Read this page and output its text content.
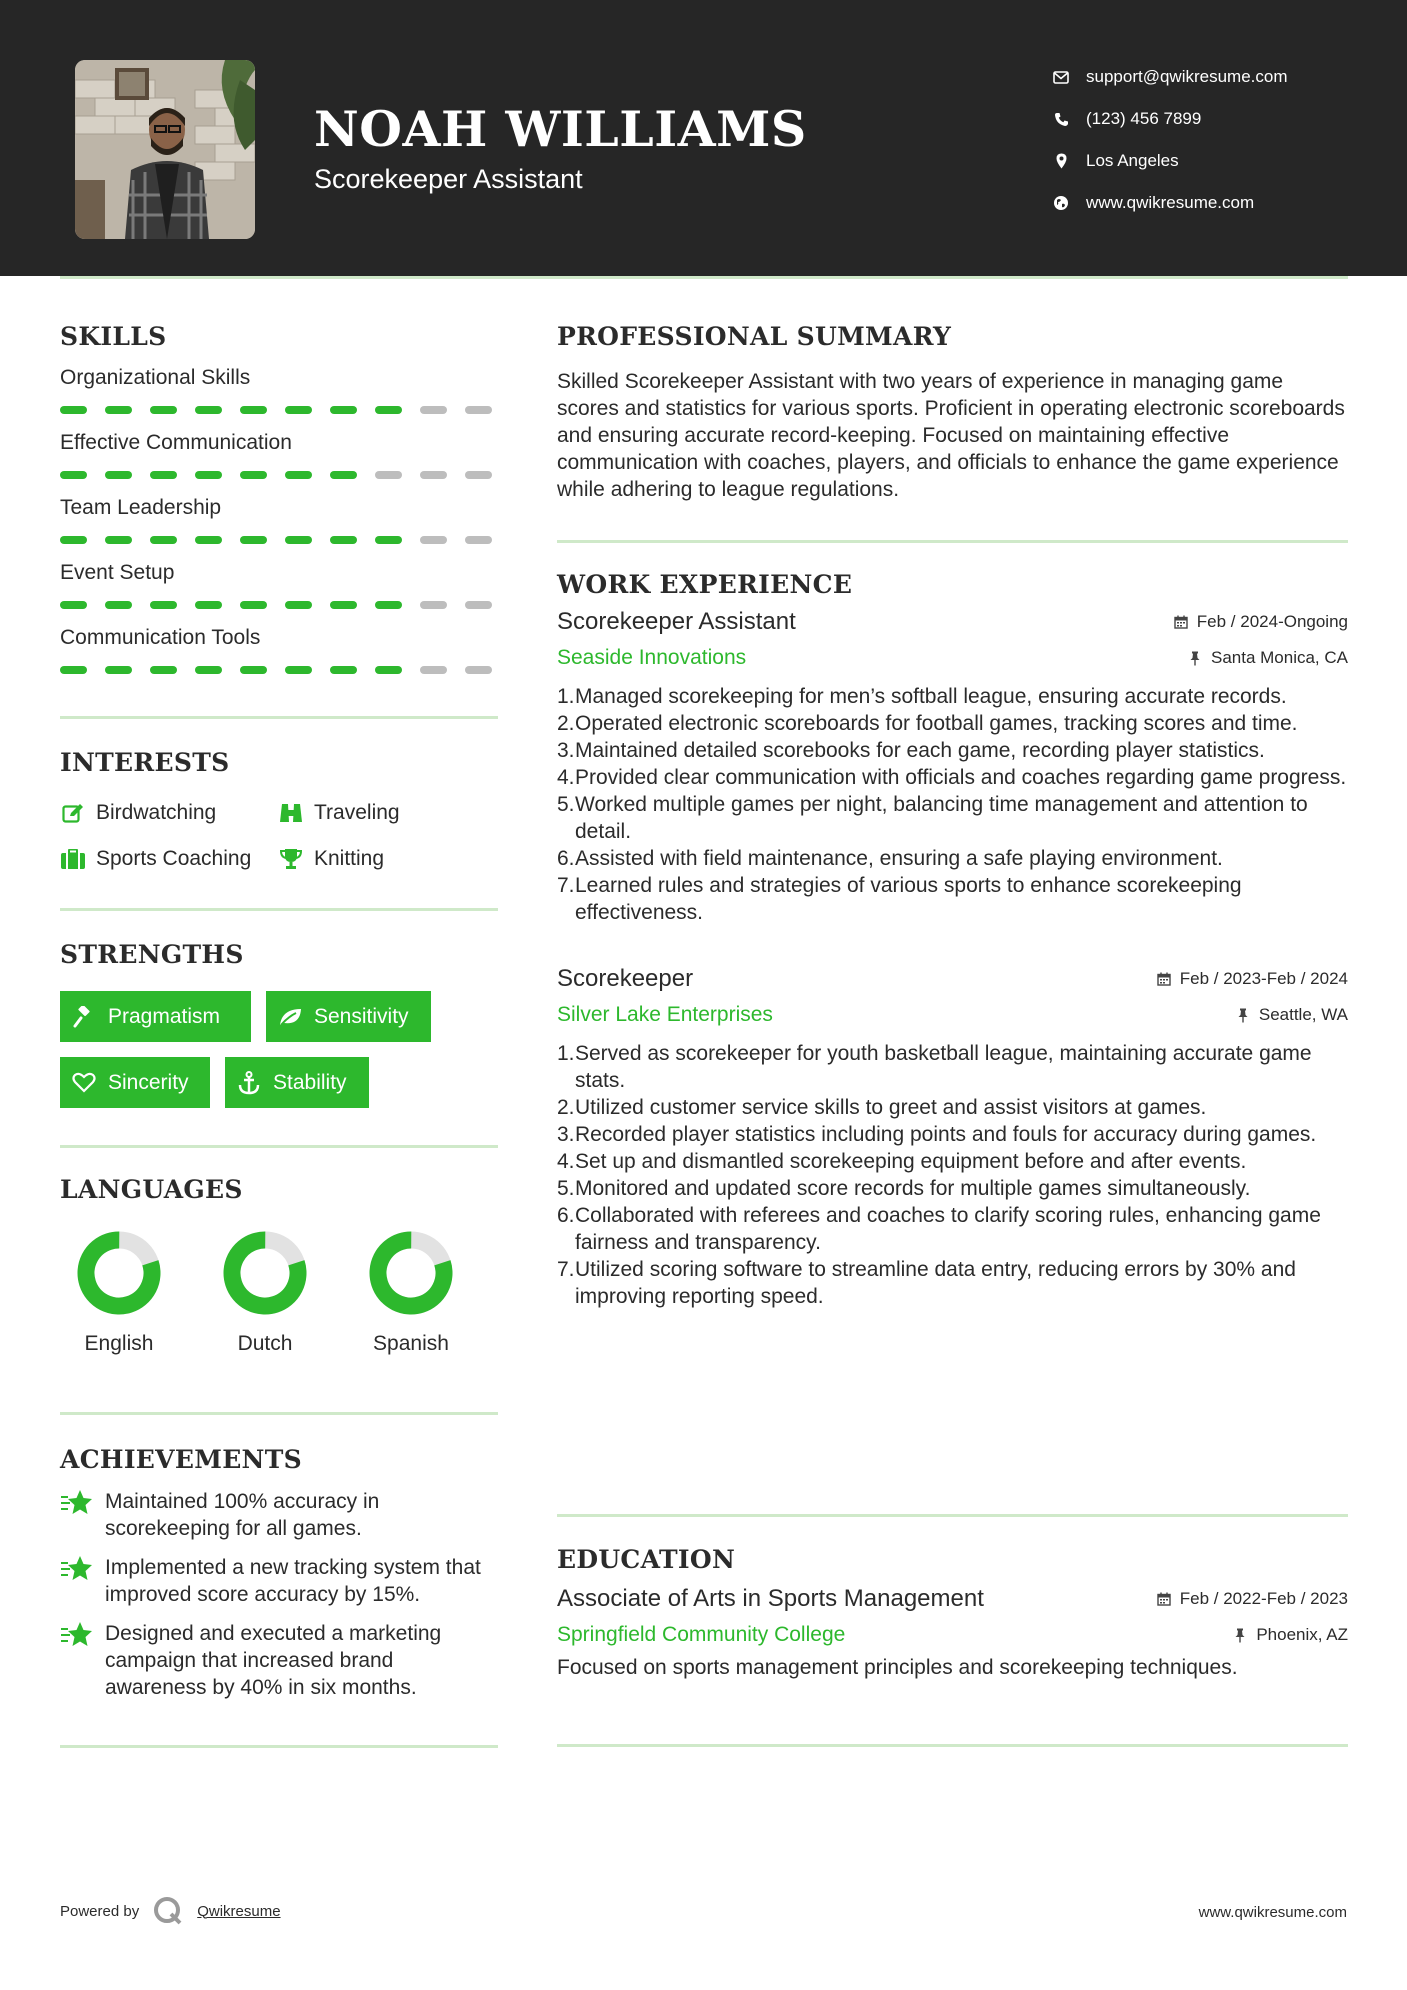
NOAH WILLIAMS
Scorekeeper Assistant
support@qwikresume.com
(123) 456 7899
Los Angeles
www.qwikresume.com
SKILLS
Organizational Skills
Effective Communication
Team Leadership
Event Setup
Communication Tools
INTERESTS
Birdwatching	Traveling
Sports Coaching	Knitting
STRENGTHS
Pragmatism	Sensitivity
Sincerity	Stability
LANGUAGES
English	Dutch	Spanish
ACHIEVEMENTS
Maintained 100% accuracy in scorekeeping for all games.
Implemented a new tracking system that improved score accuracy by 15%.
Designed and executed a marketing campaign that increased brand awareness by 40% in six months.
PROFESSIONAL SUMMARY
Skilled Scorekeeper Assistant with two years of experience in managing game scores and statistics for various sports. Proficient in operating electronic scoreboards and ensuring accurate record-keeping. Focused on maintaining effective communication with coaches, players, and officials to enhance the game experience while adhering to league regulations.
WORK EXPERIENCE
Scorekeeper Assistant	Feb / 2024-Ongoing
Seaside Innovations	Santa Monica, CA
1. Managed scorekeeping for men’s softball league, ensuring accurate records.
2. Operated electronic scoreboards for football games, tracking scores and time.
3. Maintained detailed scorebooks for each game, recording player statistics.
4. Provided clear communication with officials and coaches regarding game progress.
5. Worked multiple games per night, balancing time management and attention to detail.
6. Assisted with field maintenance, ensuring a safe playing environment.
7. Learned rules and strategies of various sports to enhance scorekeeping effectiveness.
Scorekeeper	Feb / 2023-Feb / 2024
Silver Lake Enterprises	Seattle, WA
1. Served as scorekeeper for youth basketball league, maintaining accurate game stats.
2. Utilized customer service skills to greet and assist visitors at games.
3. Recorded player statistics including points and fouls for accuracy during games.
4. Set up and dismantled scorekeeping equipment before and after events.
5. Monitored and updated score records for multiple games simultaneously.
6. Collaborated with referees and coaches to clarify scoring rules, enhancing game fairness and transparency.
7. Utilized scoring software to streamline data entry, reducing errors by 30% and improving reporting speed.
EDUCATION
Associate of Arts in Sports Management	Feb / 2022-Feb / 2023
Springfield Community College	Phoenix, AZ
Focused on sports management principles and scorekeeping techniques.
Powered by	Qwikresume	www.qwikresume.com
